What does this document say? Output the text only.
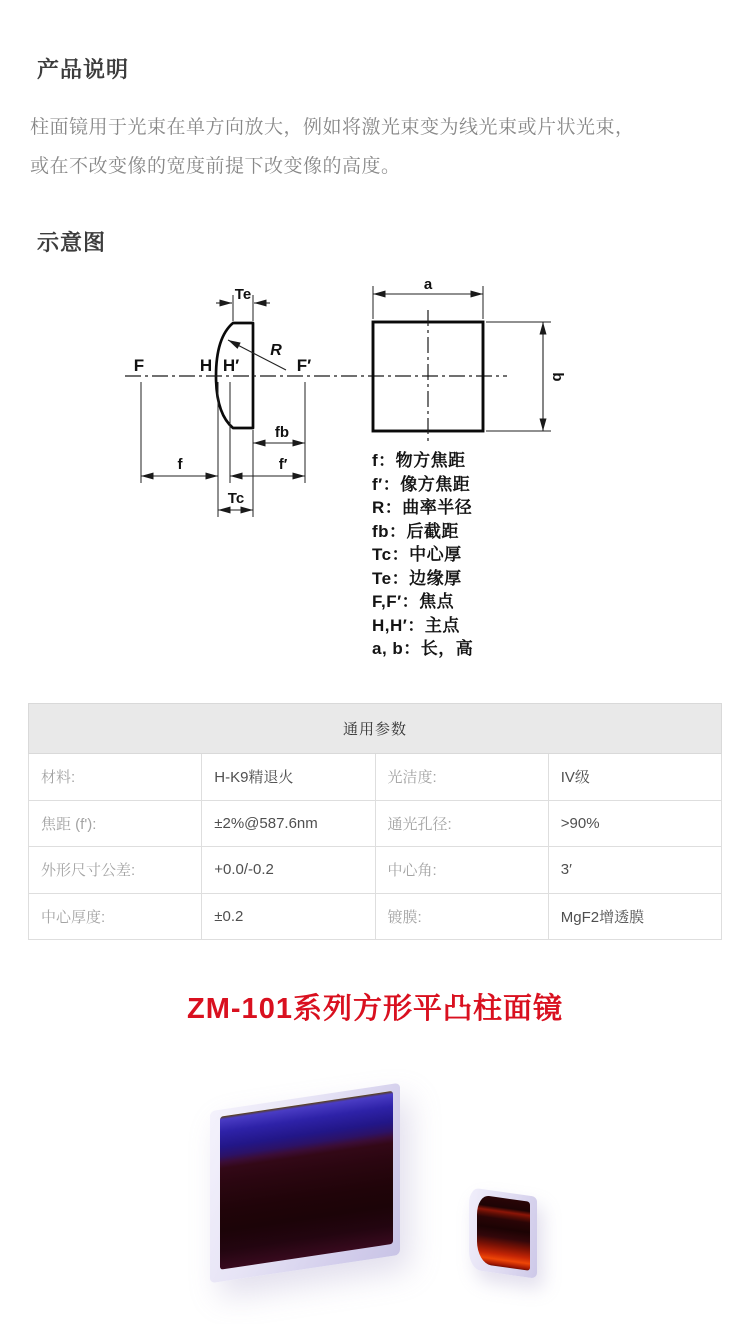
产品说明
柱面镜用于光束在单方向放大，例如将激光束变为线光束或片状光束，
或在不改变像的宽度前提下改变像的高度。
示意图
Te
R
F	H H′	F′
fb
f	f′
Tc
a
b
f：物方焦距
f′：像方焦距
R：曲率半径
fb：后截距
Tc：中心厚
Te：边缘厚
F,F′：焦点
H,H′：主点
a, b：长，高
通用参数			
材料:	H-K9精退火	光洁度:	IV级
焦距 (f'):	±2%@587.6nm	通光孔径:	>90%
外形尺寸公差:	+0.0/-0.2	中心角:	3′
中心厚度:	±0.2	镀膜:	MgF2增透膜
ZM-101系列方形平凸柱面镜
